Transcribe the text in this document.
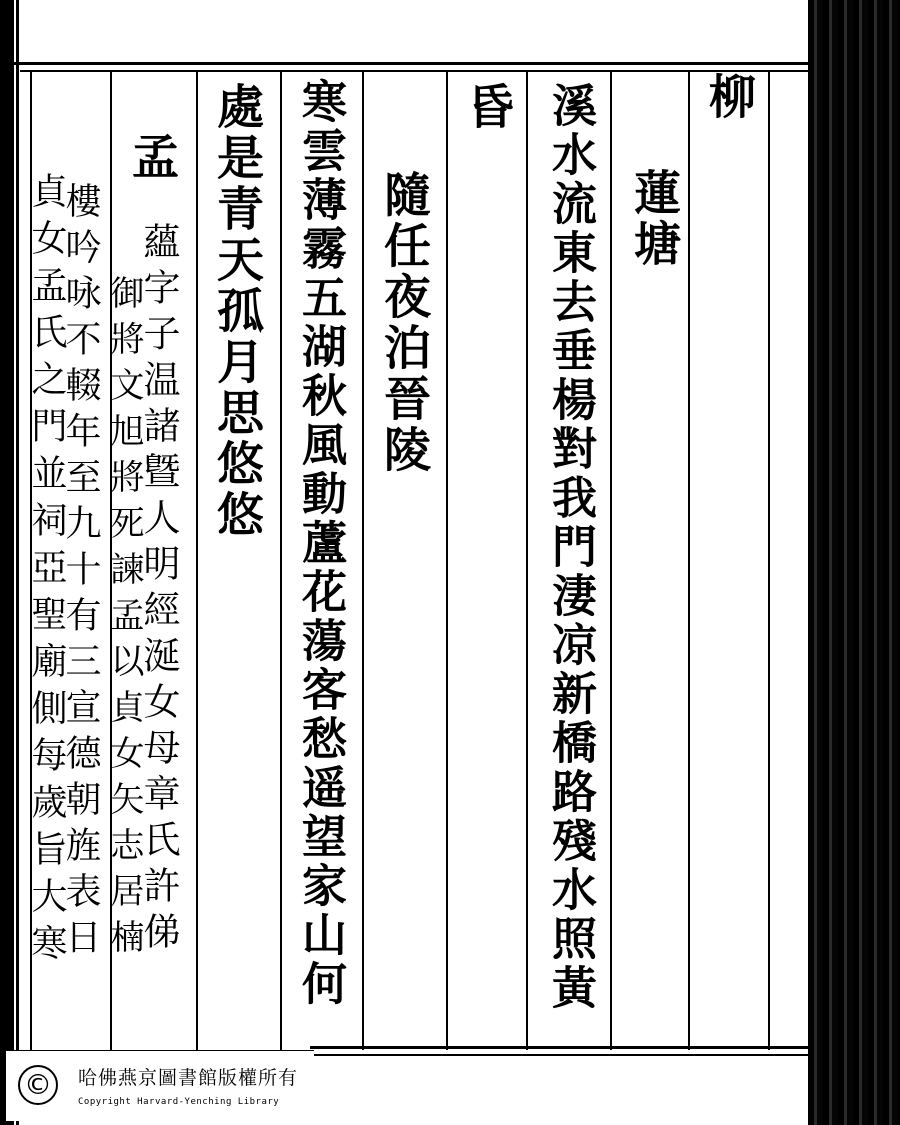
柳
蓮塘
溪水流東去垂楊對我門淒凉新橋路殘水照黃
昏
隨任夜泊晉陵
寒雲薄霧五湖秋風動蘆花蕩客愁遥望家山何
處是青天孤月思悠悠
孟
蘊字子温諸曁人明經涎女母章氏許俤
御將文旭將死諫孟以貞女矢志居楠
樓吟咏不輟年至九十有三宣德朝旌表日
貞女孟氏之門並祠亞聖廟側每歲旨大寒
©	哈佛燕京圖書館版權所有
Copyright Harvard-Yenching Library
